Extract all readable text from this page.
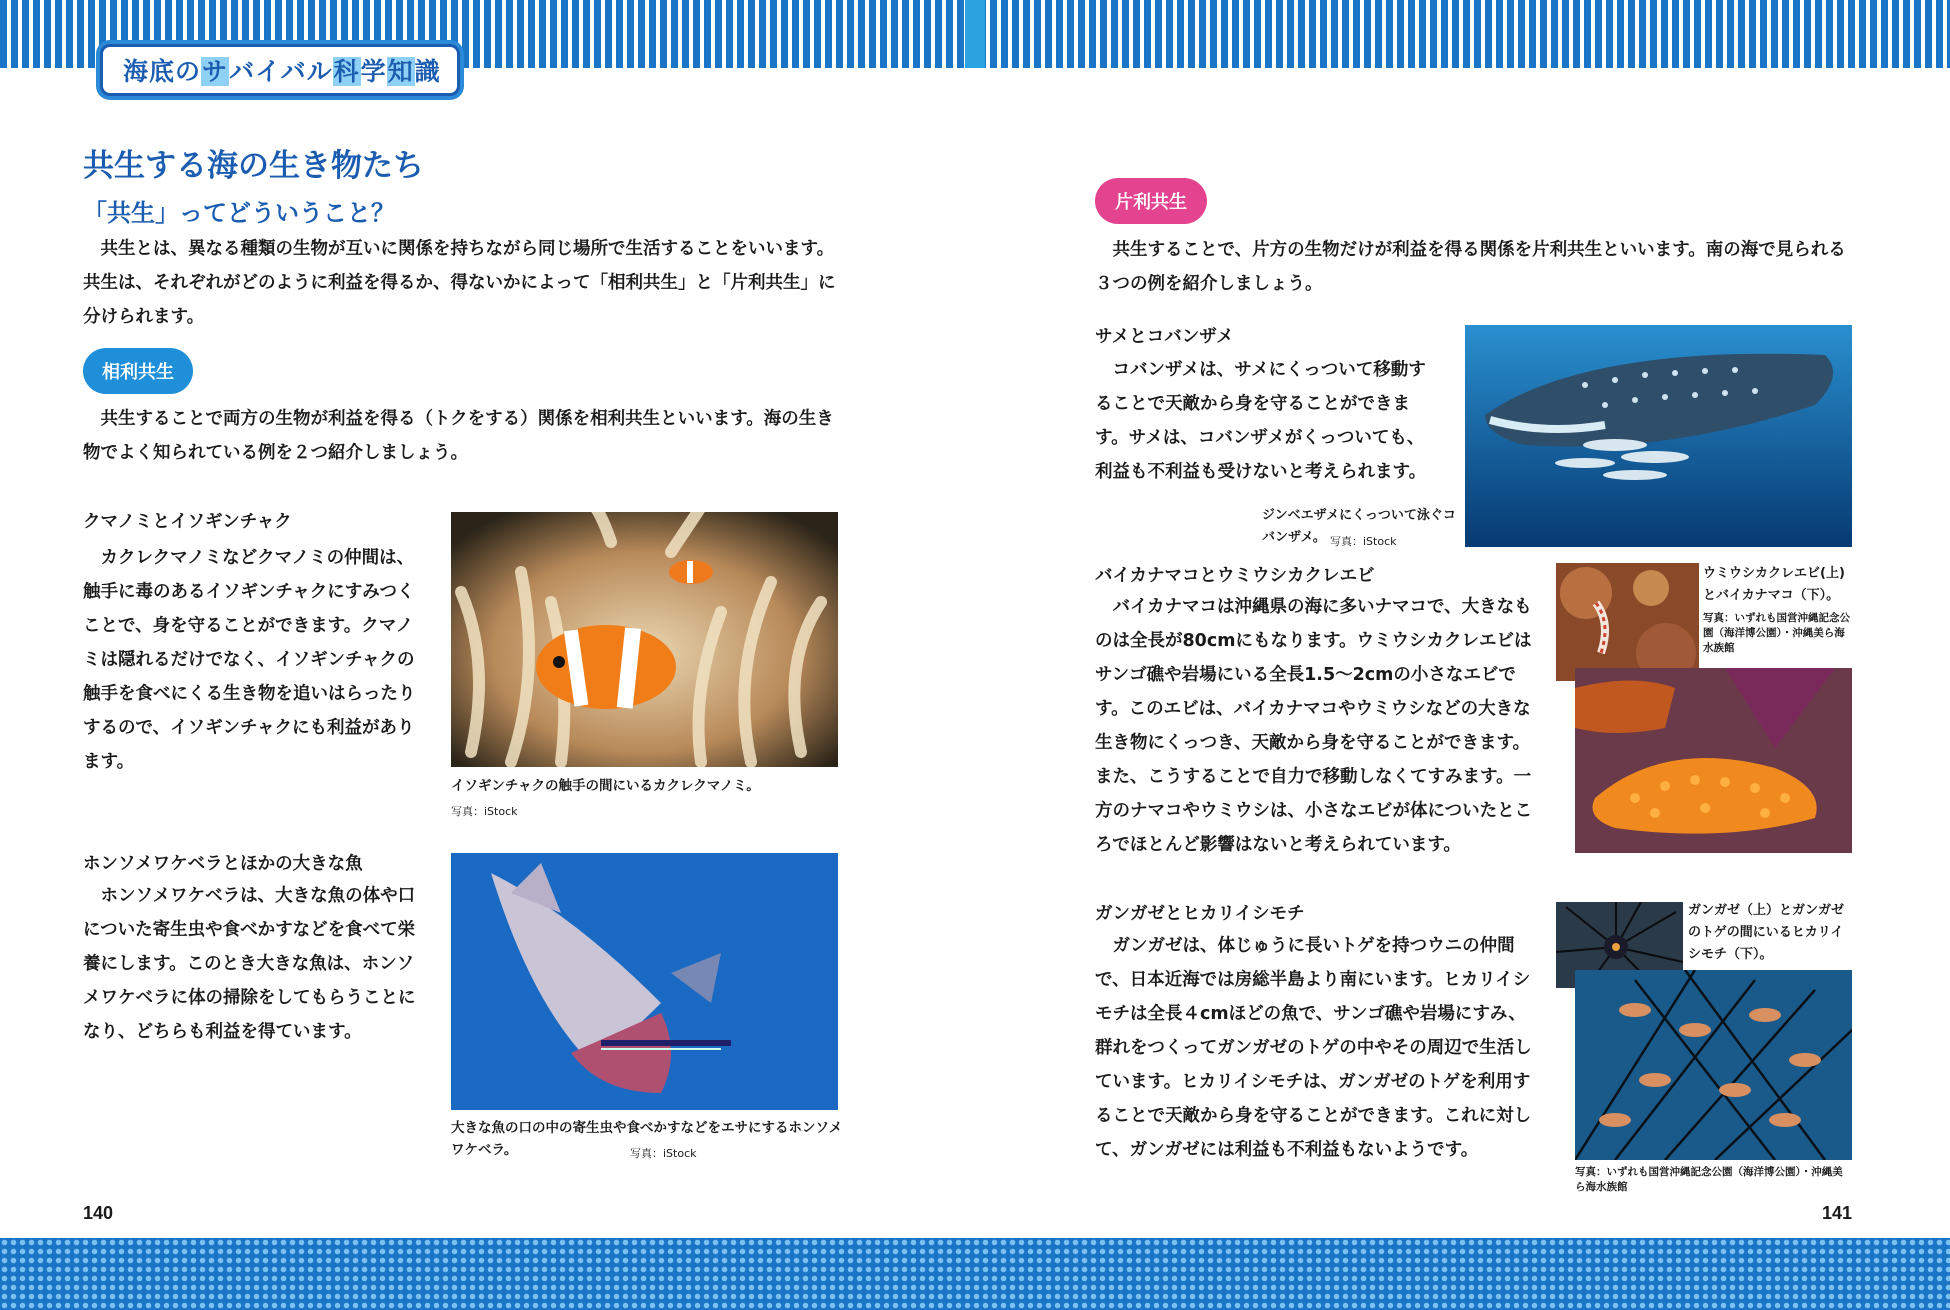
海底のサバイバル科学知識
共生する海の生き物たち
「共生」ってどういうこと？
共生とは、異なる種類の生物が互いに関係を持ちながら同じ場所で生活することをいいます。共生は、それぞれがどのように利益を得るか、得ないかによって「相利共生」と「片利共生」に分けられます。
相利共生
共生することで両方の生物が利益を得る（トクをする）関係を相利共生といいます。海の生き物でよく知られている例を２つ紹介しましょう。
クマノミとイソギンチャク
カクレクマノミなどクマノミの仲間は、触手に毒のあるイソギンチャクにすみつくことで、身を守ることができます。クマノミは隠れるだけでなく、イソギンチャクの触手を食べにくる生き物を追いはらったりするので、イソギンチャクにも利益があります。
イソギンチャクの触手の間にいるカクレクマノミ。
写真：iStock
ホンソメワケベラとほかの大きな魚
ホンソメワケベラは、大きな魚の体や口についた寄生虫や食べかすなどを食べて栄養にします。このとき大きな魚は、ホンソメワケベラに体の掃除をしてもらうことになり、どちらも利益を得ています。
大きな魚の口の中の寄生虫や食べかすなどをエサにするホンソメワケベラ。	写真：iStock
140
片利共生
共生することで、片方の生物だけが利益を得る関係を片利共生といいます。南の海で見られる３つの例を紹介しましょう。
サメとコバンザメ
コバンザメは、サメにくっついて移動することで天敵から身を守ることができます。サメは、コバンザメがくっついても、利益も不利益も受けないと考えられます。
ジンベエザメにくっついて泳ぐコバンザメ。 写真：iStock
バイカナマコとウミウシカクレエビ
バイカナマコは沖縄県の海に多いナマコで、大きなものは全長が80cmにもなります。ウミウシカクレエビはサンゴ礁や岩場にいる全長1.5～2cmの小さなエビです。このエビは、バイカナマコやウミウシなどの大きな生き物にくっつき、天敵から身を守ることができます。また、こうすることで自力で移動しなくてすみます。一方のナマコやウミウシは、小さなエビが体についたところでほとんど影響はないと考えられています。
ウミウシカクレエビ(上)とバイカナマコ（下）。
写真：いずれも国営沖縄記念公園（海洋博公園）・沖縄美ら海水族館
ガンガゼとヒカリイシモチ
ガンガゼは、体じゅうに長いトゲを持つウニの仲間で、日本近海では房総半島より南にいます。ヒカリイシモチは全長４cmほどの魚で、サンゴ礁や岩場にすみ、群れをつくってガンガゼのトゲの中やその周辺で生活しています。ヒカリイシモチは、ガンガゼのトゲを利用することで天敵から身を守ることができます。これに対して、ガンガゼには利益も不利益もないようです。
ガンガゼ（上）とガンガゼのトゲの間にいるヒカリイシモチ（下）。
写真：いずれも国営沖縄記念公園（海洋博公園）・沖縄美ら海水族館
141
